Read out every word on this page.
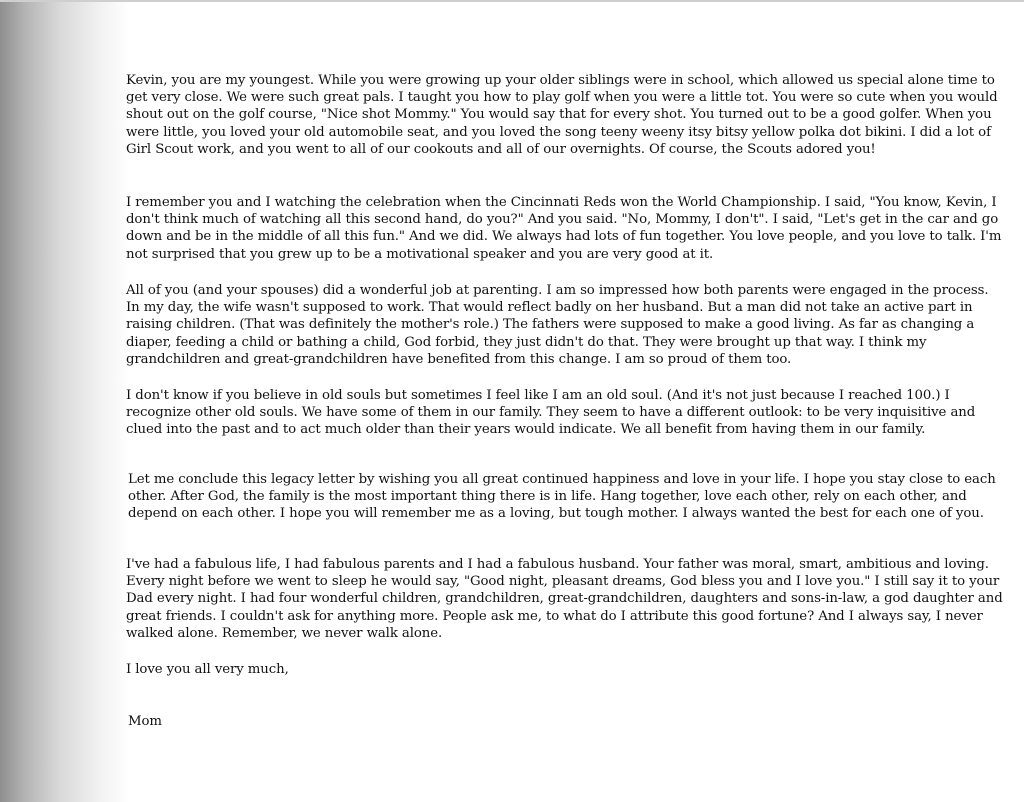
Kevin, you are my youngest. While you were growing up your older siblings were in school, which allowed us special alone time to get very close. We were such great pals. I taught you how to play golf when you were a little tot. You were so cute when you would shout out on the golf course, "Nice shot Mommy." You would say that for every shot. You turned out to be a good golfer. When you were little, you loved your old automobile seat, and you loved the song teeny weeny itsy bitsy yellow polka dot bikini. I did a lot of Girl Scout work, and you went to all of our cookouts and all of our overnights. Of course, the Scouts adored you!

I remember you and I watching the celebration when the Cincinnati Reds won the World Championship. I said, "You know, Kevin, I don't think much of watching all this second hand, do you?" And you said. "No, Mommy, I don't". I said, "Let's get in the car and go down and be in the middle of all this fun." And we did. We always had lots of fun together. You love people, and you love to talk. I'm not surprised that you grew up to be a motivational speaker and you are very good at it.

All of you (and your spouses) did a wonderful job at parenting. I am so impressed how both parents were engaged in the process. In my day, the wife wasn't supposed to work. That would reflect badly on her husband. But a man did not take an active part in raising children. (That was definitely the mother's role.) The fathers were supposed to make a good living. As far as changing a diaper, feeding a child or bathing a child, God forbid, they just didn't do that. They were brought up that way. I think my grandchildren and great-grandchildren have benefited from this change. I am so proud of them too.

I don't know if you believe in old souls but sometimes I feel like I am an old soul. (And it's not just because I reached 100.) I recognize other old souls. We have some of them in our family. They seem to have a different outlook: to be very inquisitive and clued into the past and to act much older than their years would indicate. We all benefit from having them in our family.

Let me conclude this legacy letter by wishing you all great continued happiness and love in your life. I hope you stay close to each other. After God, the family is the most important thing there is in life. Hang together, love each other, rely on each other, and depend on each other. I hope you will remember me as a loving, but tough mother. I always wanted the best for each one of you.

I've had a fabulous life, I had fabulous parents and I had a fabulous husband. Your father was moral, smart, ambitious and loving. Every night before we went to sleep he would say, "Good night, pleasant dreams, God bless you and I love you." I still say it to your Dad every night. I had four wonderful children, grandchildren, great-grandchildren, daughters and sons-in-law, a god daughter and great friends. I couldn't ask for anything more. People ask me, to what do I attribute this good fortune? And I always say, I never walked alone. Remember, we never walk alone.

I love you all very much,

Mom
